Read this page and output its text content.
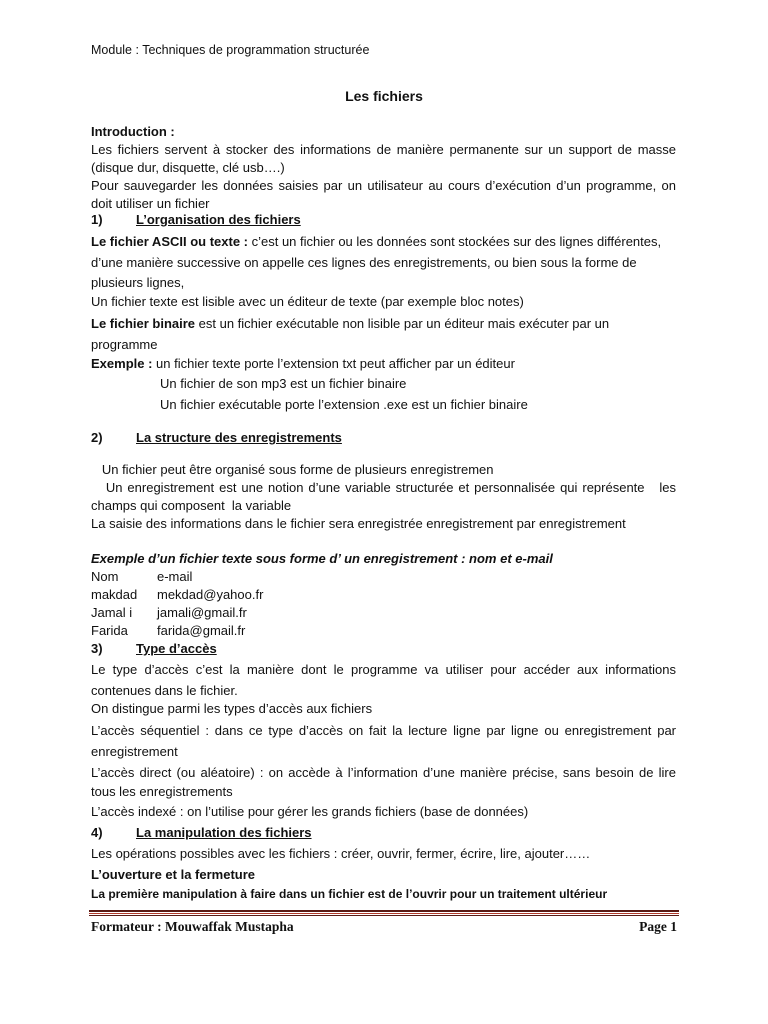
Module : Techniques de programmation structurée
Les fichiers
Introduction :
Les fichiers servent à stocker des informations de manière permanente sur un support de masse (disque dur, disquette, clé usb….)
Pour sauvegarder les données saisies par un utilisateur au cours d’exécution d’un programme, on doit utiliser un fichier
1)	L’organisation des fichiers
Le fichier ASCII ou texte : c’est un fichier ou les données sont stockées sur des lignes différentes, d’une manière successive on appelle ces lignes des enregistrements, ou bien sous la forme de plusieurs lignes,
Un fichier texte est lisible avec un éditeur de texte (par exemple bloc notes)
Le fichier binaire est un fichier exécutable non lisible par un éditeur mais exécuter par un programme
Exemple : un fichier texte porte l’extension txt peut afficher par un éditeur
Un fichier de son mp3 est un fichier binaire
Un fichier exécutable porte l’extension .exe est un fichier binaire
2)	La structure des enregistrements
Un fichier peut être organisé sous forme de plusieurs enregistremen
Un enregistrement est une notion d’une variable structurée et personnalisée qui représente   les champs qui composent  la variable
La saisie des informations dans le fichier sera enregistrée enregistrement par enregistrement
Exemple d’un fichier texte sous forme d’ un enregistrement : nom et e-mail
Nom	e-mail
makdad mekdad@yahoo.fr
Jamal i jamali@gmail.fr
Farida farida@gmail.fr
3)	Type d’accès
Le type d’accès c’est la manière dont le programme va utiliser pour accéder aux informations contenues dans le fichier.
On distingue parmi les types d’accès aux fichiers
L’accès séquentiel : dans ce type d’accès on fait la lecture ligne par ligne ou enregistrement par enregistrement
L’accès direct (ou aléatoire) : on accède à l’information d’une manière précise, sans besoin de lire tous les enregistrements
L’accès indexé : on l’utilise pour gérer les grands fichiers (base de données)
4)	La manipulation des fichiers
Les opérations possibles avec les fichiers : créer, ouvrir, fermer, écrire, lire, ajouter……
L’ouverture et la fermeture
La première manipulation à faire dans un fichier est de l’ouvrir pour un traitement ultérieur
Formateur : Mouwaffak Mustapha	Page 1
